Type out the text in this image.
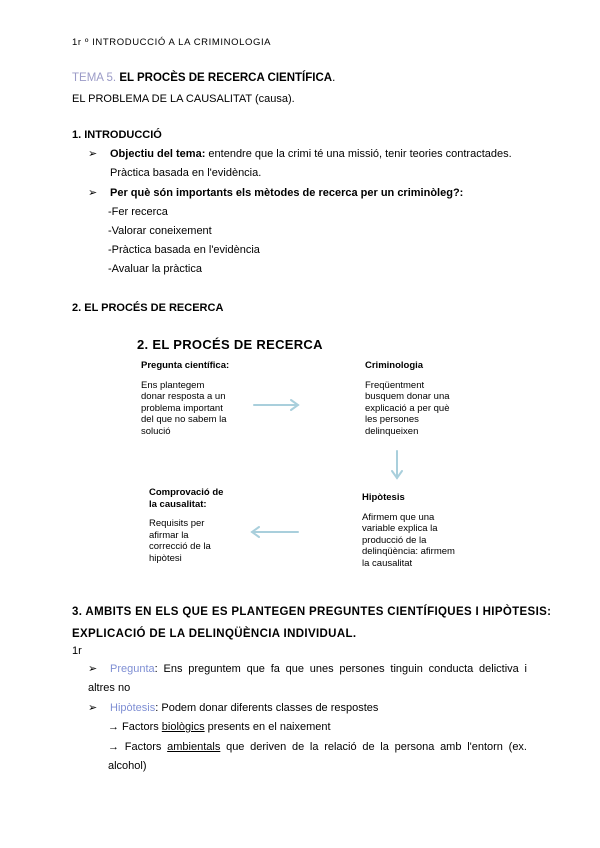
1r º INTRODUCCIÓ A LA CRIMINOLOGIA
TEMA 5. EL PROCÈS DE RECERCA CIENTÍFICA.
EL PROBLEMA DE LA CAUSALITAT (causa).
1. INTRODUCCIÓ
➢ Objectiu del tema: entendre que la crimi té una missió, tenir teories contractades.
Pràctica basada en l'evidència.
➢ Per què són importants els mètodes de recerca per un criminòleg?:
-Fer recerca
-Valorar coneixement
-Pràctica basada en l'evidència
-Avaluar la pràctica
2. EL PROCÉS DE RECERCA
2. EL PROCÉS DE RECERCA
Pregunta científica:
Ens plantegem donar resposta a un problema important del que no sabem la solució
Criminologia
Freqüentment busquem donar una explicació a per què les persones delinqueixen
Hipòtesis
Afirmem que una variable explica la producció de la delinqüència: afirmem la causalitat
Comprovació de la causalitat:
Requisits per afirmar la correcció de la hipòtesi
3. AMBITS EN ELS QUE ES PLANTEGEN PREGUNTES CIENTÍFIQUES I HIPÒTESIS:
EXPLICACIÓ DE LA DELINQÜÈNCIA INDIVIDUAL.
1r
➢ Pregunta: Ens preguntem que fa que unes persones tinguin conducta delictiva i altres no
➢ Hipòtesis: Podem donar diferents classes de respostes
→ Factors biològics presents en el naixement
→ Factors ambientals que deriven de la relació de la persona amb l'entorn (ex. alcohol)
